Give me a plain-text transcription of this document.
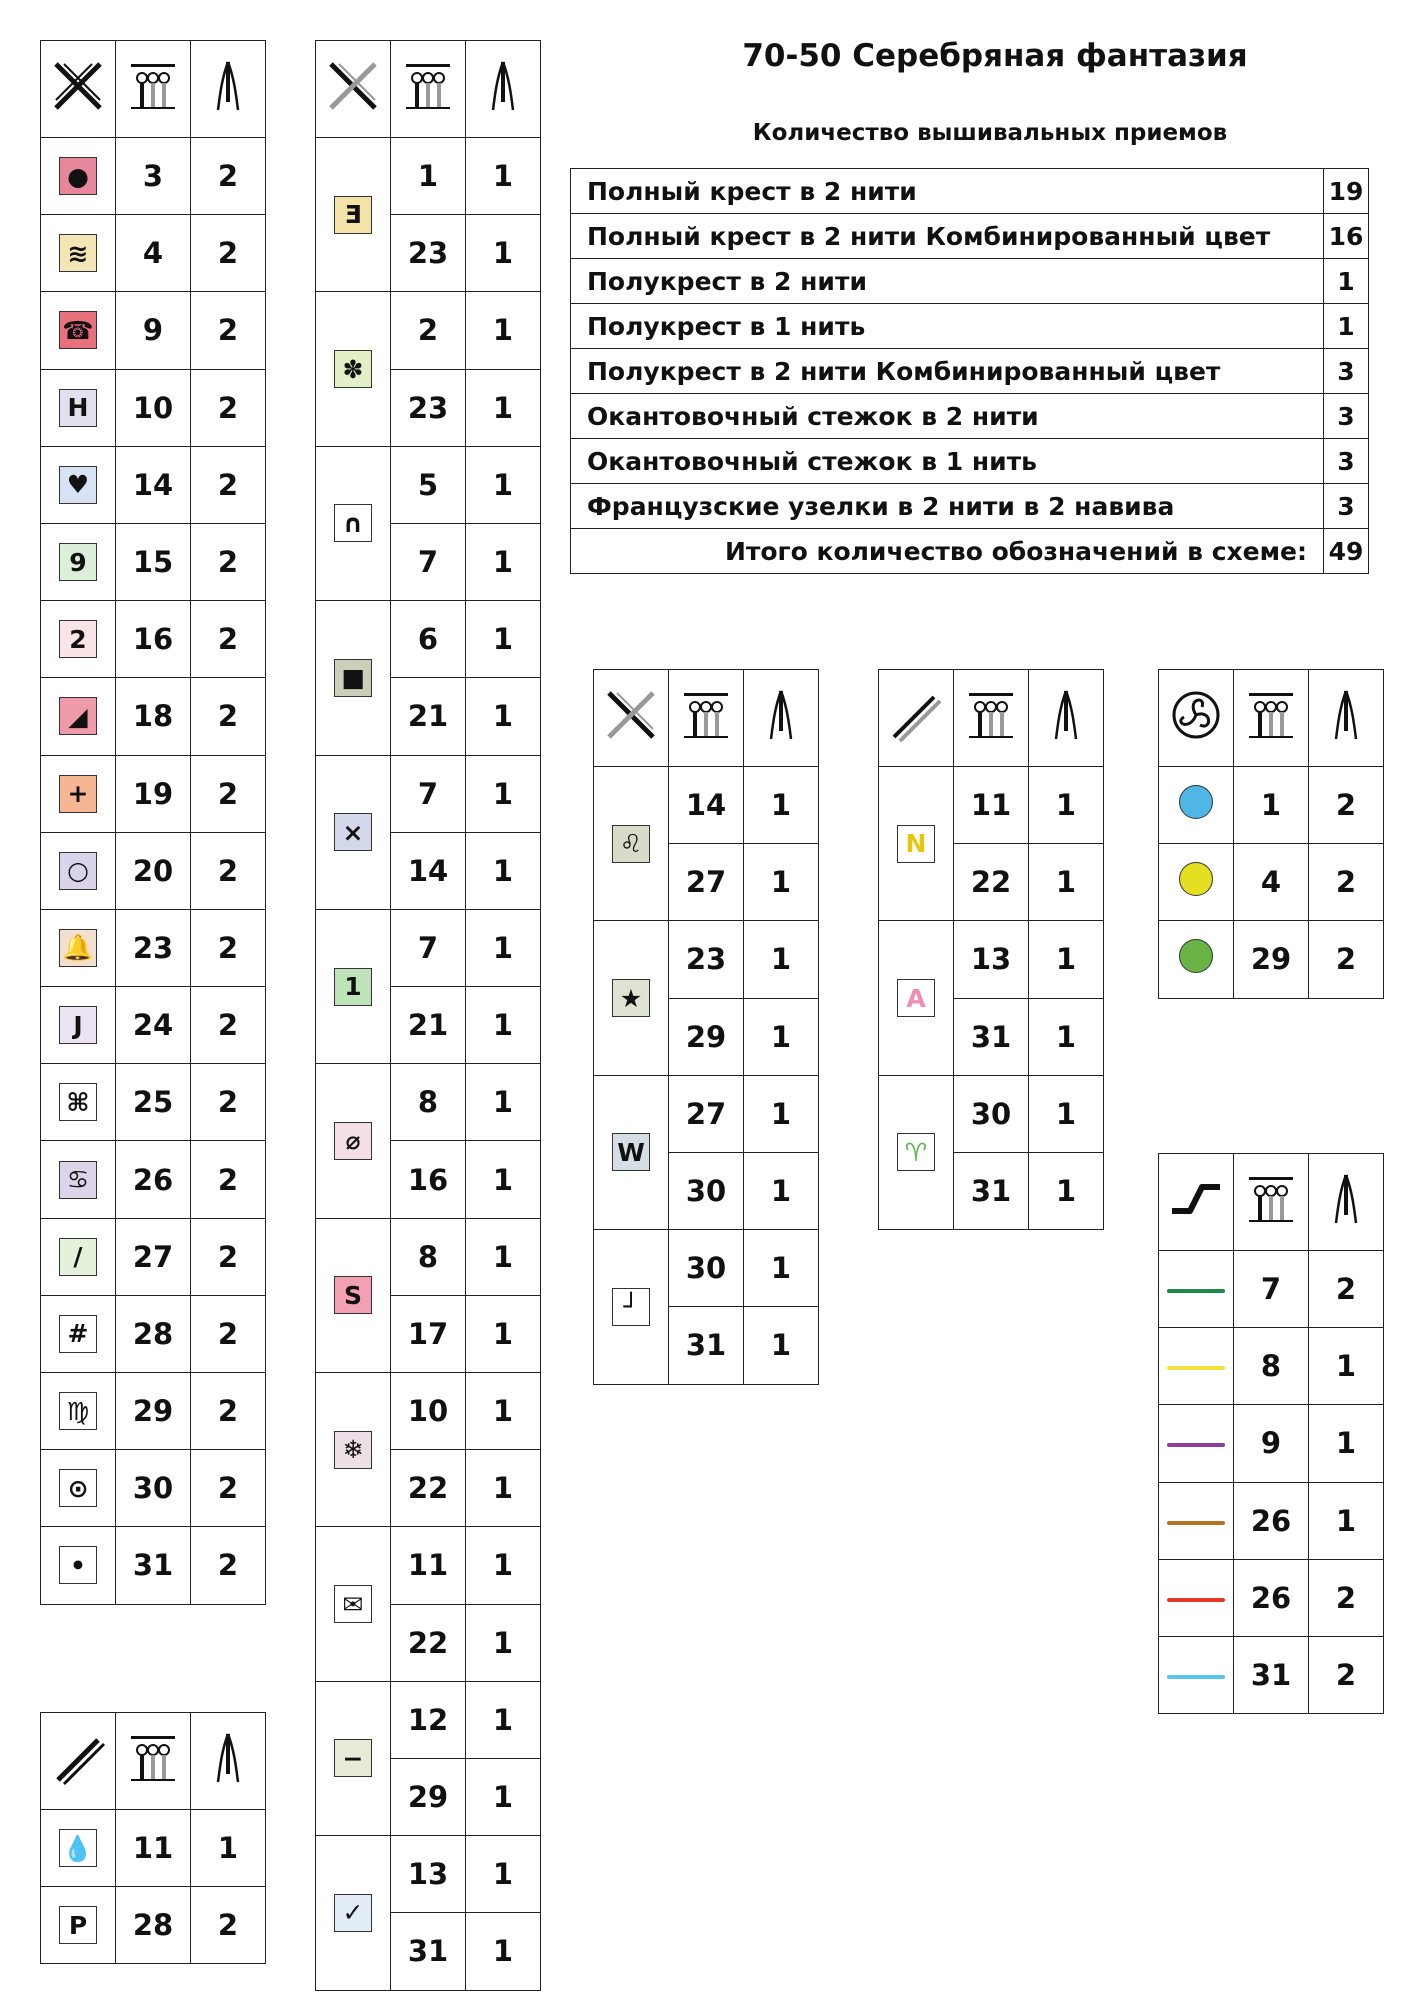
70-50 Серебряная фантазия
Количество вышивальных приемов
Полный крест в 2 нити	19
Полный крест в 2 нити Комбинированный цвет	16
Полукрест в 2 нити	1
Полукрест в 1 нить	1
Полукрест в 2 нити Комбинированный цвет	3
Окантовочный стежок в 2 нити	3
Окантовочный стежок в 1 нить	3
Французские узелки в 2 нити в 2 навива	3
Итого количество обозначений в схеме:	49

●	3	2
≋	4	2
☎	9	2
H	10	2
♥	14	2
9	15	2
2	16	2
◢	18	2
+	19	2
○	20	2
🔔	23	2
J	24	2
⌘	25	2
♋	26	2
/	27	2
#	28	2
♍	29	2
⊙	30	2
•	31	2

Ǝ	1	1
	23	1
✽	2	1
	23	1
∩	5	1
	7	1
■	6	1
	21	1
×	7	1
	14	1
1	7	1
	21	1
⌀	8	1
	16	1
S	8	1
	17	1
❄	10	1
	22	1
✉	11	1
	22	1
−	12	1
	29	1
✓	13	1
	31	1

💧	11	1
P	28	2

♌	14	1
	27	1
★	23	1
	29	1
W	27	1
	30	1
┘	30	1
	31	1

N	11	1
	22	1
A	13	1
	31	1
♈	30	1
	31	1

	1	2
	4	2
	29	2

	7	2
	8	1
	9	1
	26	1
	26	2
	31	2
